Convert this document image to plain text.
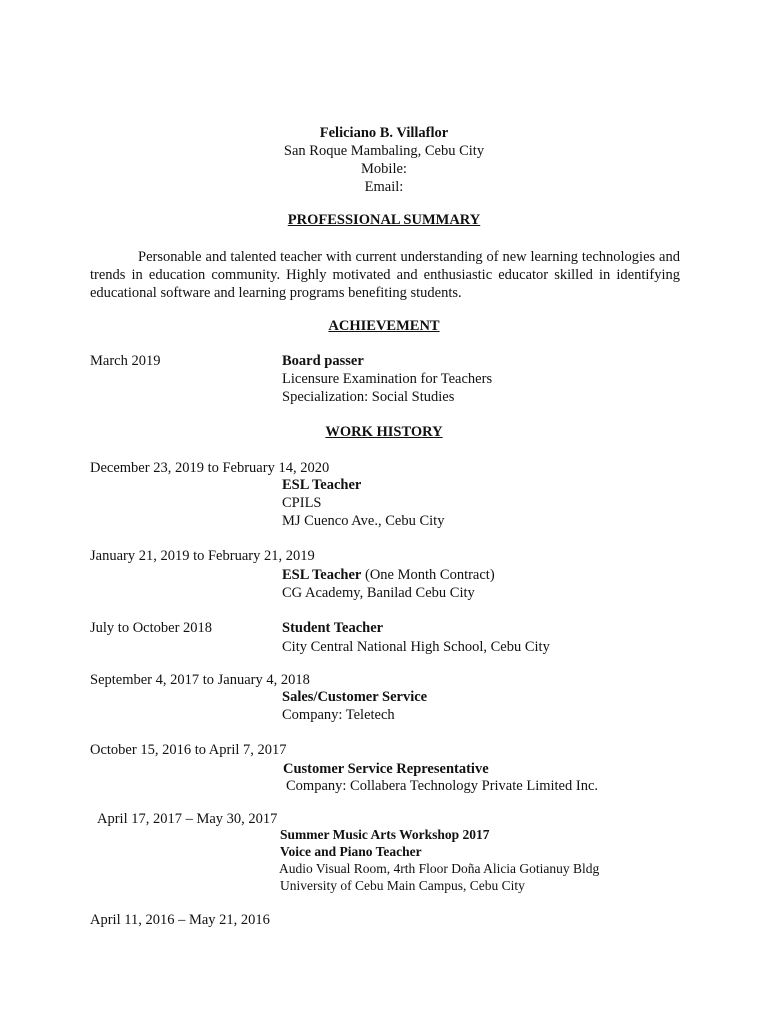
Feliciano B. Villaflor
San Roque Mambaling, Cebu City
Mobile:
Email:
PROFESSIONAL SUMMARY
Personable and talented teacher with current understanding of new learning technologies and trends in education community. Highly motivated and enthusiastic educator skilled in identifying educational software and learning programs benefiting students.
ACHIEVEMENT
March 2019	Board passer
Licensure Examination for Teachers
Specialization: Social Studies
WORK HISTORY
December 23, 2019 to February 14, 2020
ESL Teacher
CPILS
MJ Cuenco Ave., Cebu City
January 21, 2019 to February 21, 2019
ESL Teacher (One Month Contract)
CG Academy, Banilad Cebu City
July to October 2018	Student Teacher
City Central National High School, Cebu City
September 4, 2017 to January 4, 2018
Sales/Customer Service
Company: Teletech
October 15, 2016 to April 7, 2017
Customer Service Representative
Company: Collabera Technology Private Limited Inc.
April 17, 2017 – May 30, 2017
Summer Music Arts Workshop 2017
Voice and Piano Teacher
Audio Visual Room, 4rth Floor Doña Alicia Gotianuy Bldg
University of Cebu Main Campus, Cebu City
April 11, 2016 – May 21, 2016
